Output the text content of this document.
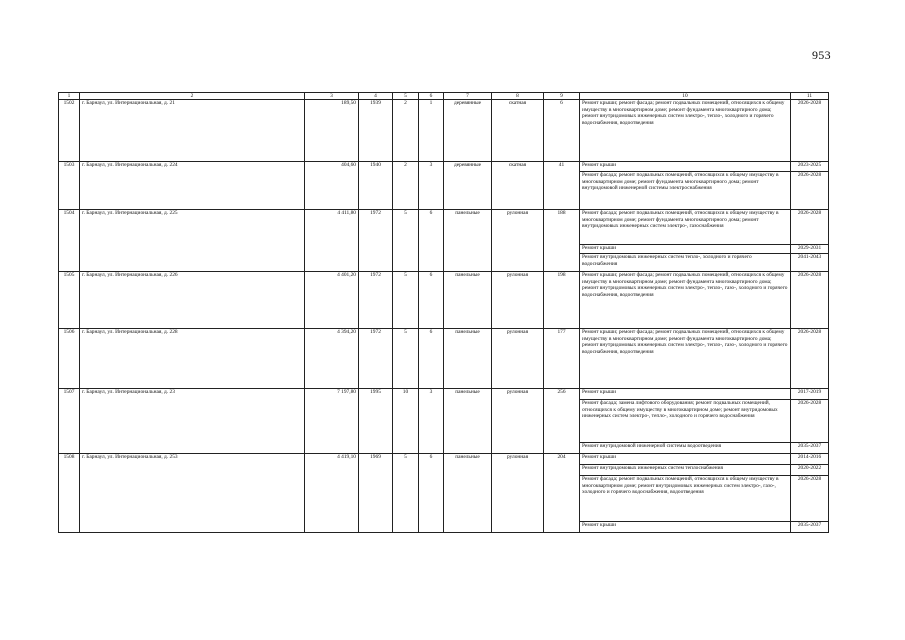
953
1	2	3	4	5	6	7	8	9	10	11
1502	г. Барнаул, ул. Интернациональная, д. 21	189,50	1939	2	1	деревянные	скатная	6	Ремонт крыши; ремонт фасада; ремонт подвальных помещений, относящихся к общему имуществу в многоквартирном доме; ремонт фундамента многоквартирного дома; ремонт внутридомовых инженерных систем электро-, тепло-, холодного и горячего водоснабжения, водоотведения	2026-2028
1503	г. Барнаул, ул. Интернациональная, д. 224	404,60	1940	2	3	деревянные	скатная	41	Ремонт крыши	2023-2025
									Ремонт фасада; ремонт подвальных помещений, относящихся к общему имуществу в многоквартирном доме; ремонт фундамента многоквартирного дома; ремонт внутридомовой инженерной системы электроснабжения	2026-2028
1504	г. Барнаул, ул. Интернациональная, д. 225	4 411,80	1972	5	6	панельные	рулонная	188	Ремонт фасада; ремонт подвальных помещений, относящихся к общему имуществу в многоквартирном доме; ремонт фундамента многоквартирного дома; ремонт внутридомовых инженерных систем электро-, газоснабжения	2026-2028
									Ремонт крыши	2029-2031
									Ремонт внутридомовых инженерных систем тепло-, холодного и горячего водоснабжения	2041-2043
1505	г. Барнаул, ул. Интернациональная, д. 226	4 401,20	1972	5	6	панельные	рулонная	198	Ремонт крыши; ремонт фасада; ремонт подвальных помещений, относящихся к общему имуществу в многоквартирном доме; ремонт фундамента многоквартирного дома; ремонт внутридомовых инженерных систем электро-, тепло-, газо-, холодного и горячего водоснабжения, водоотведения	2026-2028
1506	г. Барнаул, ул. Интернациональная, д. 228	4 394,20	1972	5	6	панельные	рулонная	177	Ремонт крыши; ремонт фасада; ремонт подвальных помещений, относящихся к общему имуществу в многоквартирном доме; ремонт фундамента многоквартирного дома; ремонт внутридомовых инженерных систем электро-, тепло-, газо-, холодного и горячего водоснабжения, водоотведения	2026-2028
1507	г. Барнаул, ул. Интернациональная, д. 23	7 197,80	1995	10	3	панельные	рулонная	256	Ремонт крыши	2017-2019
									Ремонт фасада; замена лифтового оборудования; ремонт подвальных помещений, относящихся к общему имуществу в многоквартирном доме; ремонт внутридомовых инженерных систем электро-, тепло-, холодного и горячего водоснабжения	2026-2028
									Ремонт внутридомовой инженерной системы водоотведения	2035-2037
1508	г. Барнаул, ул. Интернациональная, д. 253	4 419,10	1969	5	6	панельные	рулонная	204	Ремонт крыши	2014-2016
									Ремонт внутридомовых инженерных систем теплоснабжения	2020-2022
									Ремонт фасада; ремонт подвальных помещений, относящихся к общему имуществу в многоквартирном доме; ремонт внутридомовых инженерных систем электро-, газо-, холодного и горячего водоснабжения, водоотведения	2026-2028
									Ремонт крыши	2035-2037
